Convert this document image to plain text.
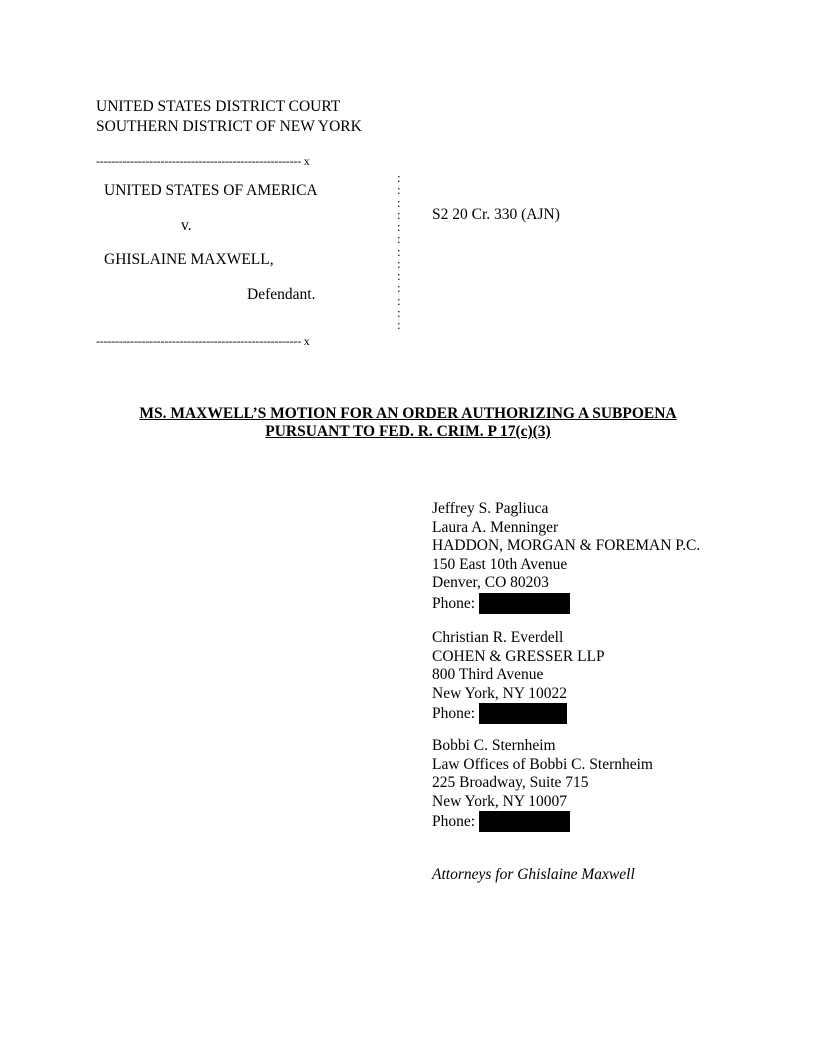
UNITED STATES DISTRICT COURT
SOUTHERN DISTRICT OF NEW YORK
------------------------------------------------------ x
:
:
:
:
:
:
:
:
:
:
:
:
:
UNITED STATES OF AMERICA
v.
GHISLAINE MAXWELL,
Defendant.
------------------------------------------------------ x
S2 20 Cr. 330 (AJN)
MS. MAXWELL’S MOTION FOR AN ORDER AUTHORIZING A SUBPOENA
PURSUANT TO FED. R. CRIM. P 17(c)(3)
Jeffrey S. Pagliuca
Laura A. Menninger
HADDON, MORGAN & FOREMAN P.C.
150 East 10th Avenue
Denver, CO 80203
Phone:
Christian R. Everdell
COHEN & GRESSER LLP
800 Third Avenue
New York, NY 10022
Phone:
Bobbi C. Sternheim
Law Offices of Bobbi C. Sternheim
225 Broadway, Suite 715
New York, NY 10007
Phone:
Attorneys for Ghislaine Maxwell
